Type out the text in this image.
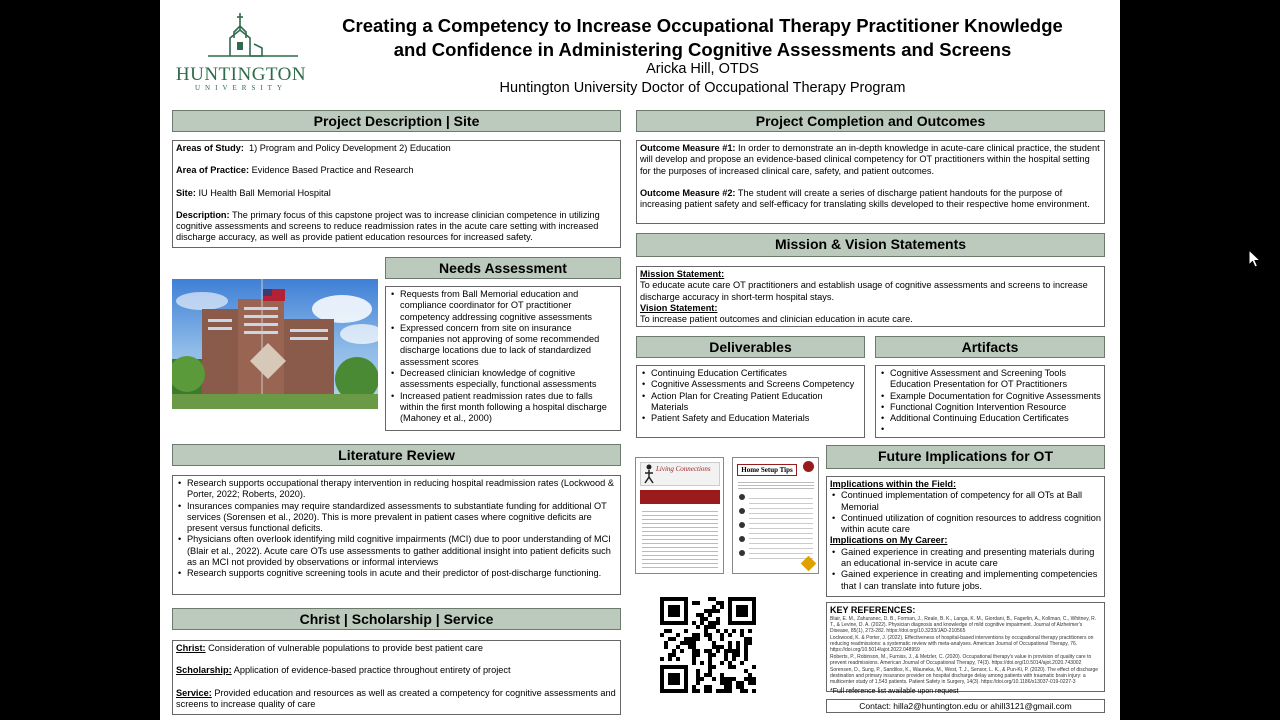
HUNTINGTON
UNIVERSITY
Creating a Competency to Increase Occupational Therapy Practitioner Knowledge
and Confidence in Administering Cognitive Assessments and Screens
Aricka Hill, OTDS
Huntington University Doctor of Occupational Therapy Program
Project Description | Site

Areas of Study: 1) Program and Policy Development 2) Education

Area of Practice: Evidence Based Practice and Research

Site: IU Health Ball Memorial Hospital

Description: The primary focus of this capstone project was to increase clinician competence in utilizing cognitive assessments and screens to reduce readmission rates in the acute care setting with increased discharge accuracy, as well as provide patient education resources for increased safety.

Needs Assessment
• Requests from Ball Memorial education and compliance coordinator for OT practitioner competency addressing cognitive assessments
• Expressed concern from site on insurance companies not approving of some recommended discharge locations due to lack of standardized assessment scores
• Decreased clinician knowledge of cognitive assessments especially, functional assessments
• Increased patient readmission rates due to falls within the first month following a hospital discharge (Mahoney et al., 2000)
Literature Review
• Research supports occupational therapy intervention in reducing hospital readmission rates (Lockwood & Porter, 2022; Roberts, 2020).
• Insurances companies may require standardized assessments to substantiate funding for additional OT services (Sorensen et al., 2020). This is more prevalent in patient cases where cognitive deficits are present versus functional deficits.
• Physicians often overlook identifying mild cognitive impairments (MCI) due to poor understanding of MCI (Blair et al., 2022). Acute care OTs use assessments to gather additional insight into patient deficits such as an MCI not provided by observations or informal interviews
• Research supports cognitive screening tools in acute and their predictor of post-discharge functioning.
Christ | Scholarship | Service

Christ: Consideration of vulnerable populations to provide best patient care

Scholarship: Application of evidence-based practice throughout entirety of project

Service: Provided education and resources as well as created a competency for cognitive assessments and screens to increase quality of care

Project Completion and Outcomes

Outcome Measure #1: In order to demonstrate an in-depth knowledge in acute-care clinical practice, the student will develop and propose an evidence-based clinical competency for OT practitioners within the hospital setting for the purposes of increased clinical care, safety, and patient outcomes.

Outcome Measure #2: The student will create a series of discharge patient handouts for the purpose of increasing patient safety and self-efficacy for translating skills developed to their respective home environment.

Mission & Vision Statements
Mission Statement:
To educate acute care OT practitioners and establish usage of cognitive assessments and screens to increase discharge accuracy in short-term hospital stays.
Vision Statement:
To increase patient outcomes and clinician education in acute care.
Deliverables
• Continuing Education Certificates
• Cognitive Assessments and Screens Competency
• Action Plan for Creating Patient Education Materials
• Patient Safety and Education Materials
Artifacts
• Cognitive Assessment and Screening Tools Education Presentation for OT Practitioners
• Example Documentation for Cognitive Assessments
• Functional Cognition Intervention Resource
• Additional Continuing Education Certificates
Living Connections	Home Setup Tips
Future Implications for OT
Implications within the Field:
• Continued implementation of competency for all OTs at Ball Memorial
• Continued utilization of cognition resources to address cognition within acute care
Implications on My Career:
• Gained experience in creating and presenting materials during an educational in-service in acute care
• Gained experience in creating and implementing competencies that I can translate into future jobs.
KEY REFERENCES:
Blair, E. M., Zahuranec, D. B., Forman, J., Reale, B. K., Langa, K. M., Giordani, B., Fagerlin, A., Kollman, C., Whitney, R. T., & Levine, D. A. (2022). Physician diagnosis and knowledge of mild cognitive impairment. Journal of Alzheimer's Disease, 85(1), 273-282. https://doi.org/10.3233/JAD-210565
Lockwood, K. & Porter, J. (2022). Effectiveness of hospital-based interventions by occupational therapy practitioners on reducing readmissions: a systematic review with meta-analyses. American Journal of Occupational Therapy, 76. https://doi.org/10.5014/ajot.2022.048959
Roberts, P., Robinson, M., Furniss, J., & Metzler, C. (2020). Occupational therapy's value in provision of quality care to prevent readmissions. American Journal of Occupational Therapy, 74(3). https://doi.org/10.5014/ajot.2020.743002
Sorensen, D., Sung, P., Sandilos, K., Wauneka, M., West, T. J., Sensor, L. K., & Pun-Ki, P. (2020). The effect of discharge destination and primary insurance provider on hospital discharge delay among patients with traumatic brain injury: a multicenter study of 1,543 patients. Patient Safety in Surgery, 14(3). https://doi.org/10.1186/s13037-019-0227-3
*Full reference list available upon request
Contact: hilla2@huntington.edu or ahill3121@gmail.com
